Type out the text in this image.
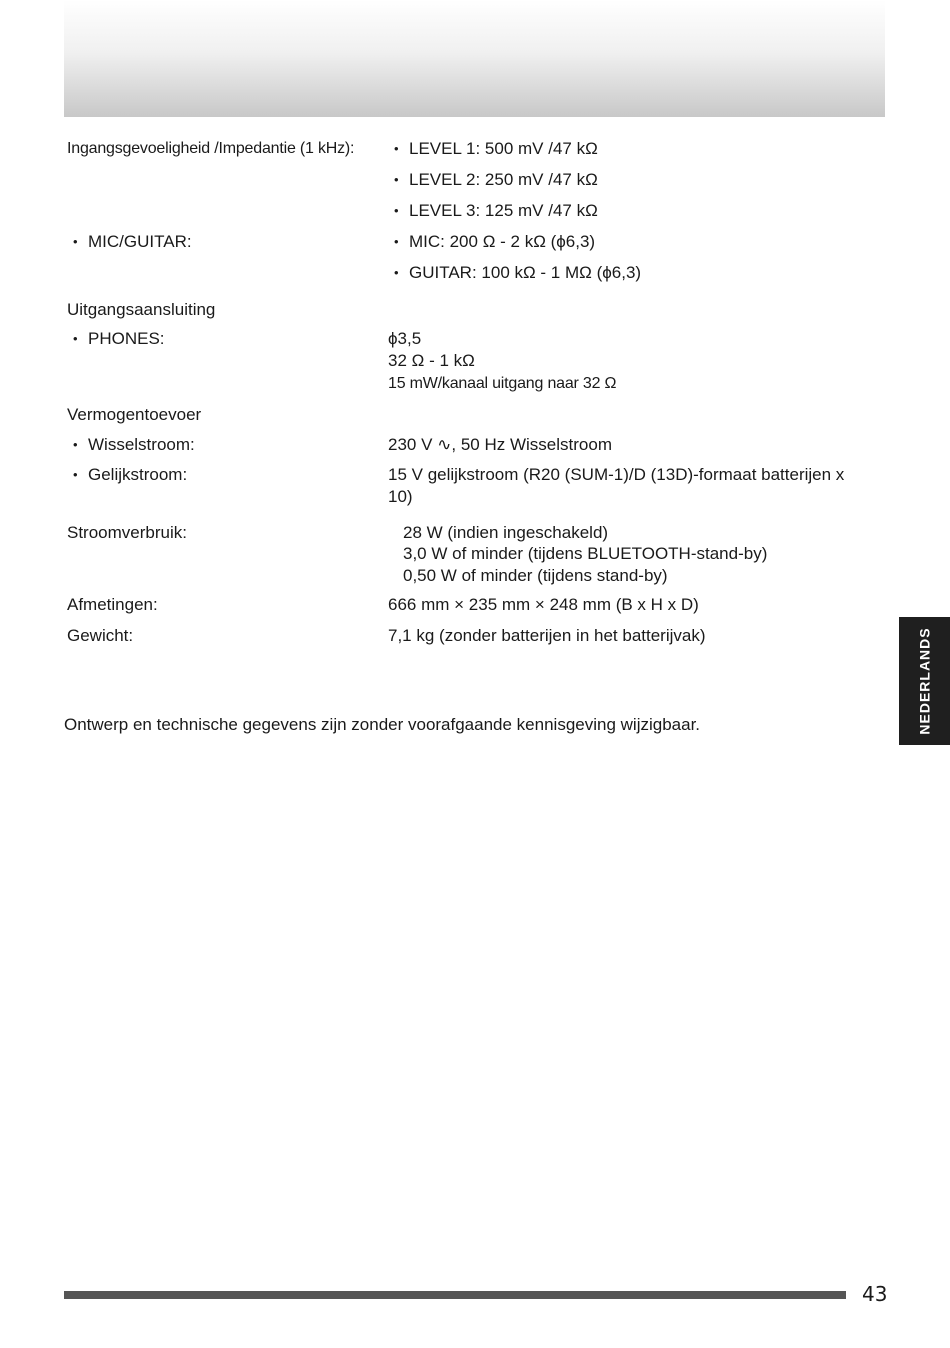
Ingangsgevoeligheid /Impedantie (1 kHz):	• LEVEL 1: 500 mV /47 kΩ
• LEVEL 2: 250 mV /47 kΩ
• LEVEL 3: 125 mV /47 kΩ
• MIC/GUITAR:	• MIC: 200 Ω - 2 kΩ (ϕ6,3)
• GUITAR: 100 kΩ - 1 MΩ (ϕ6,3)
Uitgangsaansluiting
• PHONES:	ϕ3,5
32 Ω - 1 kΩ
15 mW/kanaal uitgang naar 32 Ω
Vermogentoevoer
• Wisselstroom:	230 V ∿, 50 Hz Wisselstroom
• Gelijkstroom:	15 V gelijkstroom (R20 (SUM-1)/D (13D)-formaat batterijen x
10)
Stroomverbruik:	28 W (indien ingeschakeld)
3,0 W of minder (tijdens BLUETOOTH-stand-by)
0,50 W of minder (tijdens stand-by)
Afmetingen:	666 mm × 235 mm × 248 mm (B x H x D)
Gewicht:	7,1 kg (zonder batterijen in het batterijvak)
Ontwerp en technische gegevens zijn zonder voorafgaande kennisgeving wijzigbaar.	NEDERLANDS
43
